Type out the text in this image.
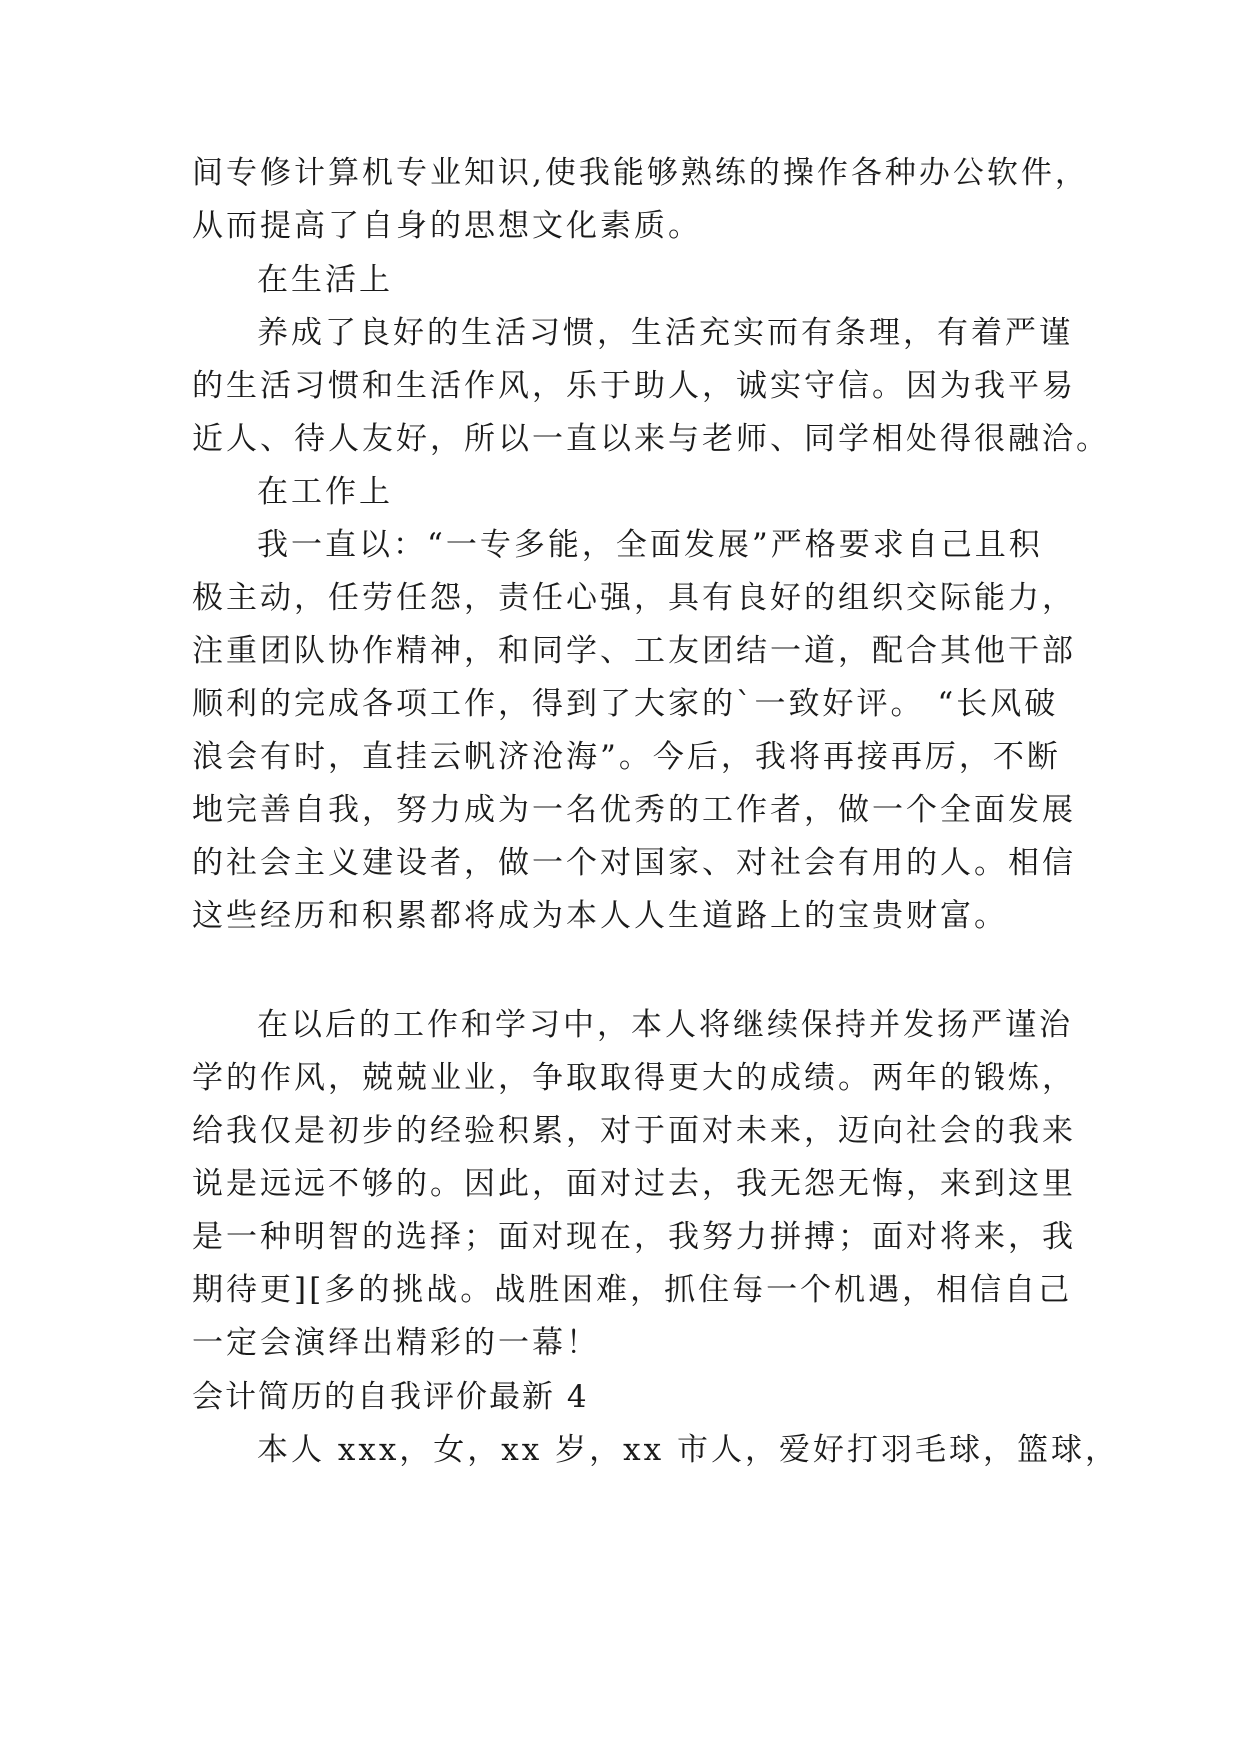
间专修计算机专业知识,使我能够熟练的操作各种办公软件，
从而提高了自身的思想文化素质。
在生活上
养成了良好的生活习惯，生活充实而有条理，有着严谨
的生活习惯和生活作风，乐于助人，诚实守信。因为我平易
近人、待人友好，所以一直以来与老师、同学相处得很融洽。
在工作上
我一直以：“一专多能，全面发展”严格要求自己且积
极主动，任劳任怨，责任心强，具有良好的组织交际能力，
注重团队协作精神，和同学、工友团结一道，配合其他干部
顺利的完成各项工作，得到了大家的`一致好评。 “长风破
浪会有时，直挂云帆济沧海”。今后，我将再接再厉，不断
地完善自我，努力成为一名优秀的工作者，做一个全面发展
的社会主义建设者，做一个对国家、对社会有用的人。相信
这些经历和积累都将成为本人人生道路上的宝贵财富。
在以后的工作和学习中，本人将继续保持并发扬严谨治
学的作风，兢兢业业，争取取得更大的成绩。两年的锻炼，
给我仅是初步的经验积累，对于面对未来，迈向社会的我来
说是远远不够的。因此，面对过去，我无怨无悔，来到这里
是一种明智的选择；面对现在，我努力拼搏；面对将来，我
期待更][多的挑战。战胜困难，抓住每一个机遇，相信自己
一定会演绎出精彩的一幕！
会计简历的自我评价最新 4
本人 xxx，女，xx 岁，xx 市人，爱好打羽毛球，篮球，
